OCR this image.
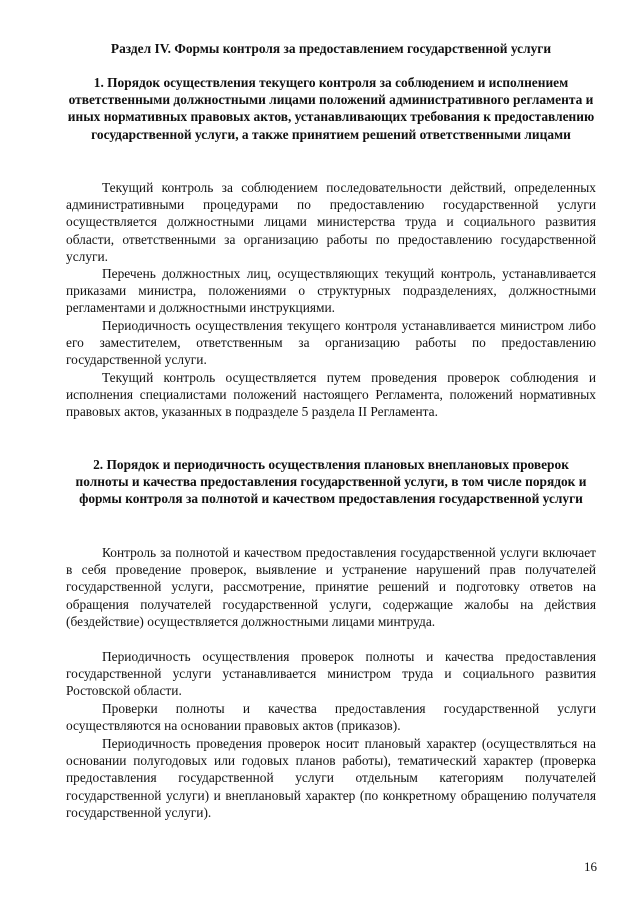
Раздел IV. Формы контроля за предоставлением государственной услуги
1. Порядок осуществления текущего контроля за соблюдением и исполнением ответственными должностными лицами положений административного регламента и иных нормативных правовых актов, устанавливающих требования к предоставлению государственной услуги, а также принятием решений ответственными лицами

Текущий контроль за соблюдением последовательности действий, определенных административными процедурами по предоставлению государственной услуги осуществляется должностными лицами министерства труда и социального развития области, ответственными за организацию работы по предоставлению государственной услуги.

Перечень должностных лиц, осуществляющих текущий контроль, устанавливается приказами министра, положениями о структурных подразделениях, должностными регламентами и должностными инструкциями.

Периодичность осуществления текущего контроля устанавливается министром либо его заместителем, ответственным за организацию работы по предоставлению государственной услуги.

Текущий контроль осуществляется путем проведения проверок соблюдения и исполнения специалистами положений настоящего Регламента, положений нормативных правовых актов, указанных в подразделе 5 раздела II Регламента.

2. Порядок и периодичность осуществления плановых внеплановых проверок полноты и качества предоставления государственной услуги, в том числе порядок и формы контроля за полнотой и качеством предоставления государственной услуги

Контроль за полнотой и качеством предоставления государственной услуги включает в себя проведение проверок, выявление и устранение нарушений прав получателей государственной услуги, рассмотрение, принятие решений и подготовку ответов на обращения получателей государственной услуги, содержащие жалобы на действия (бездействие) осуществляется должностными лицами минтруда.

Периодичность осуществления проверок полноты и качества предоставления государственной услуги устанавливается министром труда и социального развития Ростовской области.

Проверки полноты и качества предоставления государственной услуги осуществляются на основании правовых актов (приказов).

Периодичность проведения проверок носит плановый характер (осуществляться на основании полугодовых или годовых планов работы), тематический характер (проверка предоставления государственной услуги отдельным категориям получателей государственной услуги) и внеплановый характер (по конкретному обращению получателя государственной услуги).

16
